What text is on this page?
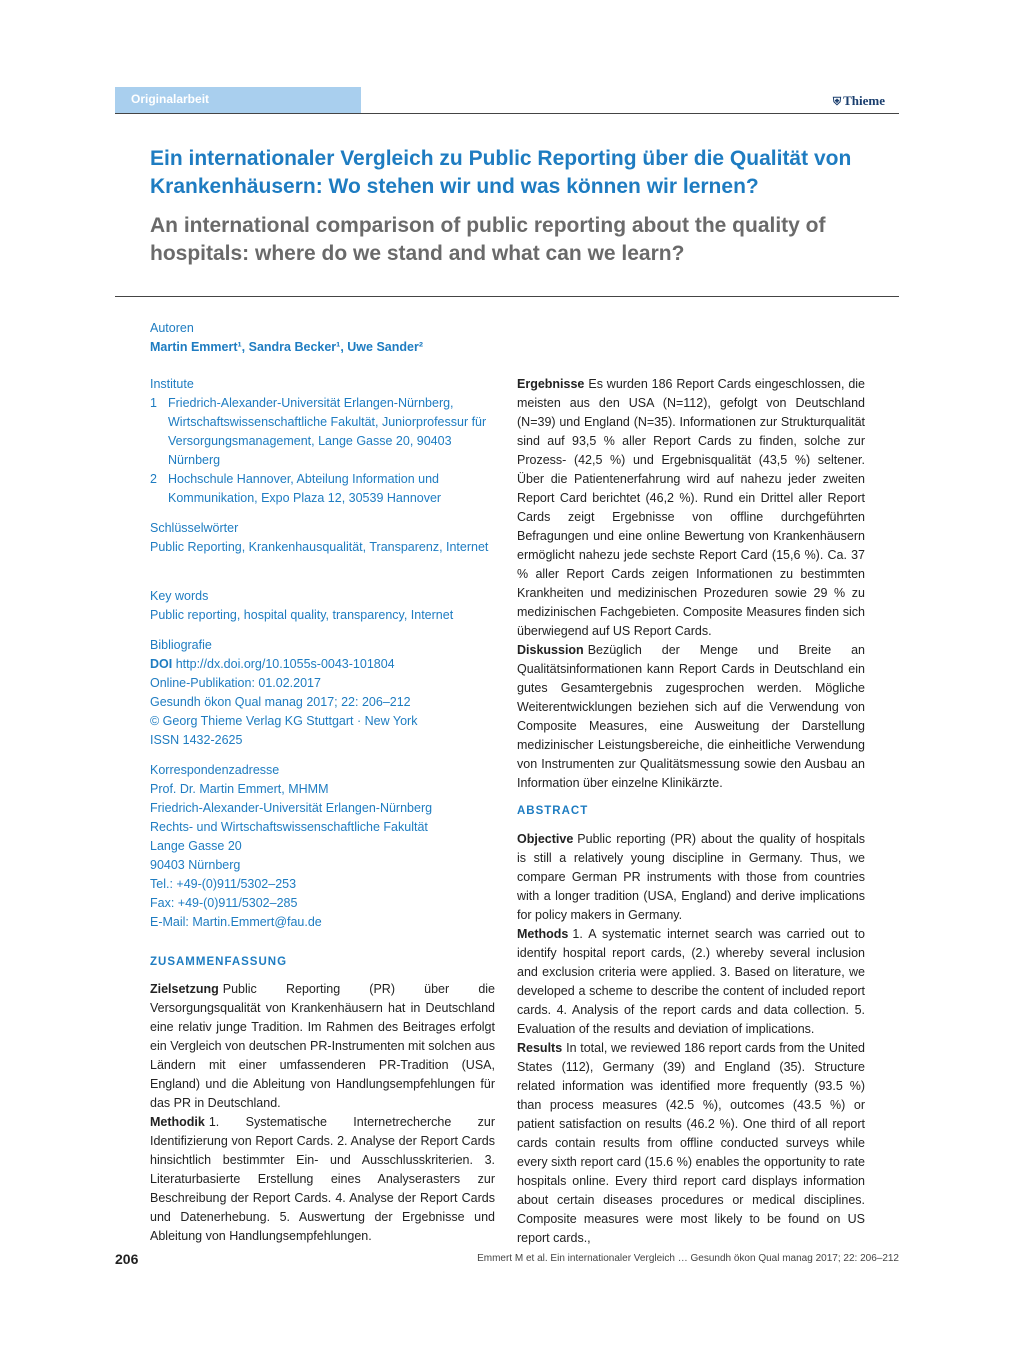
Originalarbeit	⛨ Thieme
Ein internationaler Vergleich zu Public Reporting über die Qualität von Krankenhäusern: Wo stehen wir und was können wir lernen?
An international comparison of public reporting about the quality of hospitals: where do we stand and what can we learn?
Autoren
Martin Emmert¹, Sandra Becker¹, Uwe Sander²
Institute
1 Friedrich-Alexander-Universität Erlangen-Nürnberg, Wirtschaftswissenschaftliche Fakultät, Juniorprofessur für Versorgungsmanagement, Lange Gasse 20, 90403 Nürnberg
2 Hochschule Hannover, Abteilung Information und Kommunikation, Expo Plaza 12, 30539 Hannover
Schlüsselwörter
Public Reporting, Krankenhausqualität, Transparenz, Internet
Key words
Public reporting, hospital quality, transparency, Internet
Bibliografie
DOI http://dx.doi.org/10.1055s-0043-101804
Online-Publikation: 01.02.2017
Gesundh ökon Qual manag 2017; 22: 206–212
© Georg Thieme Verlag KG Stuttgart · New York
ISSN 1432-2625
Korrespondenzadresse
Prof. Dr. Martin Emmert, MHMM
Friedrich-Alexander-Universität Erlangen-Nürnberg
Rechts- und Wirtschaftswissenschaftliche Fakultät
Lange Gasse 20
90403 Nürnberg
Tel.: +49-(0)911/5302–253
Fax: +49-(0)911/5302–285
E-Mail: Martin.Emmert@fau.de
ZUSAMMENFASSUNG

Zielsetzung Public Reporting (PR) über die Versorgungsqualität von Krankenhäusern hat in Deutschland eine relativ junge Tradition. Im Rahmen des Beitrages erfolgt ein Vergleich von deutschen PR-Instrumenten mit solchen aus Ländern mit einer umfassenderen PR-Tradition (USA, England) und die Ableitung von Handlungsempfehlungen für das PR in Deutschland.

Methodik 1. Systematische Internetrecherche zur Identifizierung von Report Cards. 2. Analyse der Report Cards hinsichtlich bestimmter Ein- und Ausschlusskriterien. 3. Literaturbasierte Erstellung eines Analyserasters zur Beschreibung der Report Cards. 4. Analyse der Report Cards und Datenerhebung. 5. Auswertung der Ergebnisse und Ableitung von Handlungsempfehlungen.

Ergebnisse Es wurden 186 Report Cards eingeschlossen, die meisten aus den USA (N=112), gefolgt von Deutschland (N=39) und England (N=35). Informationen zur Strukturqualität sind auf 93,5 % aller Report Cards zu finden, solche zur Prozess- (42,5 %) und Ergebnisqualität (43,5 %) seltener. Über die Patientenerfahrung wird auf nahezu jeder zweiten Report Card berichtet (46,2 %). Rund ein Drittel aller Report Cards zeigt Ergebnisse von offline durchgeführten Befragungen und eine online Bewertung von Krankenhäusern ermöglicht nahezu jede sechste Report Card (15,6 %). Ca. 37 % aller Report Cards zeigen Informationen zu bestimmten Krankheiten und medizinischen Prozeduren sowie 29 % zu medizinischen Fachgebieten. Composite Measures finden sich überwiegend auf US Report Cards.

Diskussion Bezüglich der Menge und Breite an Qualitätsinformationen kann Report Cards in Deutschland ein gutes Gesamtergebnis zugesprochen werden. Mögliche Weiterentwicklungen beziehen sich auf die Verwendung von Composite Measures, eine Ausweitung der Darstellung medizinischer Leistungsbereiche, die einheitliche Verwendung von Instrumenten zur Qualitätsmessung sowie den Ausbau an Information über einzelne Klinikärzte.

ABSTRACT

Objective Public reporting (PR) about the quality of hospitals is still a relatively young discipline in Germany. Thus, we compare German PR instruments with those from countries with a longer tradition (USA, England) and derive implications for policy makers in Germany.

Methods 1. A systematic internet search was carried out to identify hospital report cards, (2.) whereby several inclusion and exclusion criteria were applied. 3. Based on literature, we developed a scheme to describe the content of included report cards. 4. Analysis of the report cards and data collection. 5. Evaluation of the results and deviation of implications.

Results In total, we reviewed 186 report cards from the United States (112), Germany (39) and England (35). Structure related information was identified more frequently (93.5 %) than process measures (42.5 %), outcomes (43.5 %) or patient satisfaction on results (46.2 %). One third of all report cards contain results from offline conducted surveys while every sixth report card (15.6 %) enables the opportunity to rate hospitals online. Every third report card displays information about certain diseases procedures or medical disciplines. Composite measures were most likely to be found on US report cards.,

206	Emmert M et al. Ein internationaler Vergleich … Gesundh ökon Qual manag 2017; 22: 206–212
